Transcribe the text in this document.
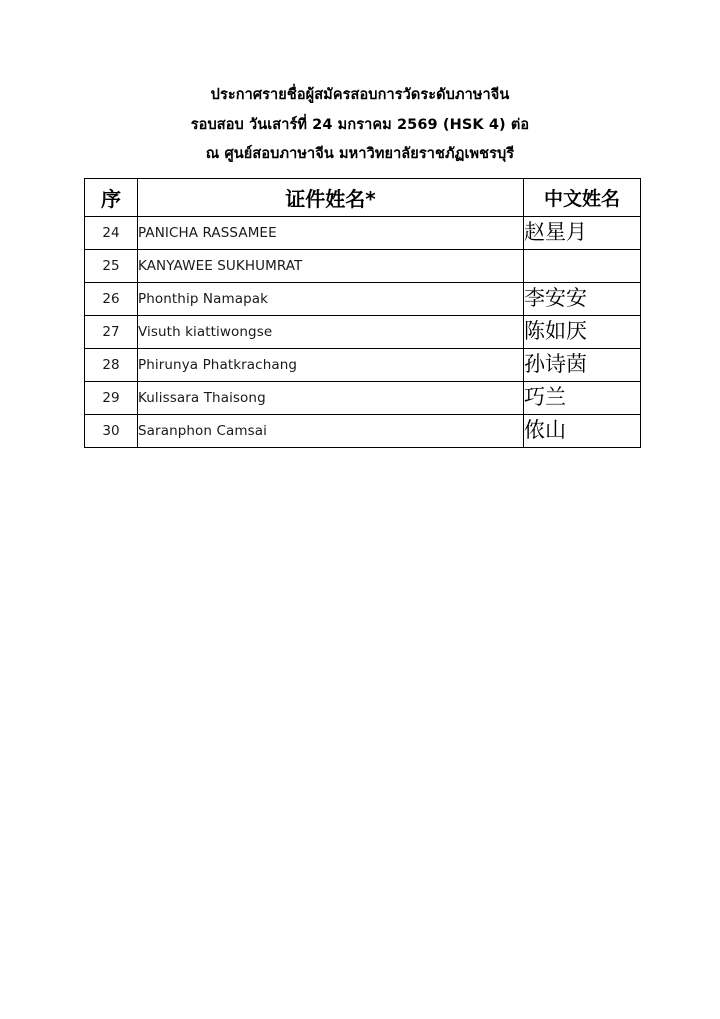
ประกาศรายชื่อผู้สมัครสอบการวัดระดับภาษาจีน
รอบสอบ วันเสาร์ที่ 24 มกราคม 2569 (HSK 4) ต่อ
ณ ศูนย์สอบภาษาจีน มหาวิทยาลัยราชภัฏเพชรบุรี
序	证件姓名*	中文姓名
24	PANICHA RASSAMEE	赵星月
25	KANYAWEE SUKHUMRAT	
26	Phonthip Namapak	李安安
27	Visuth kiattiwongse	陈如厌
28	Phirunya Phatkrachang	孙诗茵
29	Kulissara Thaisong	巧兰
30	Saranphon Camsai	侬山
